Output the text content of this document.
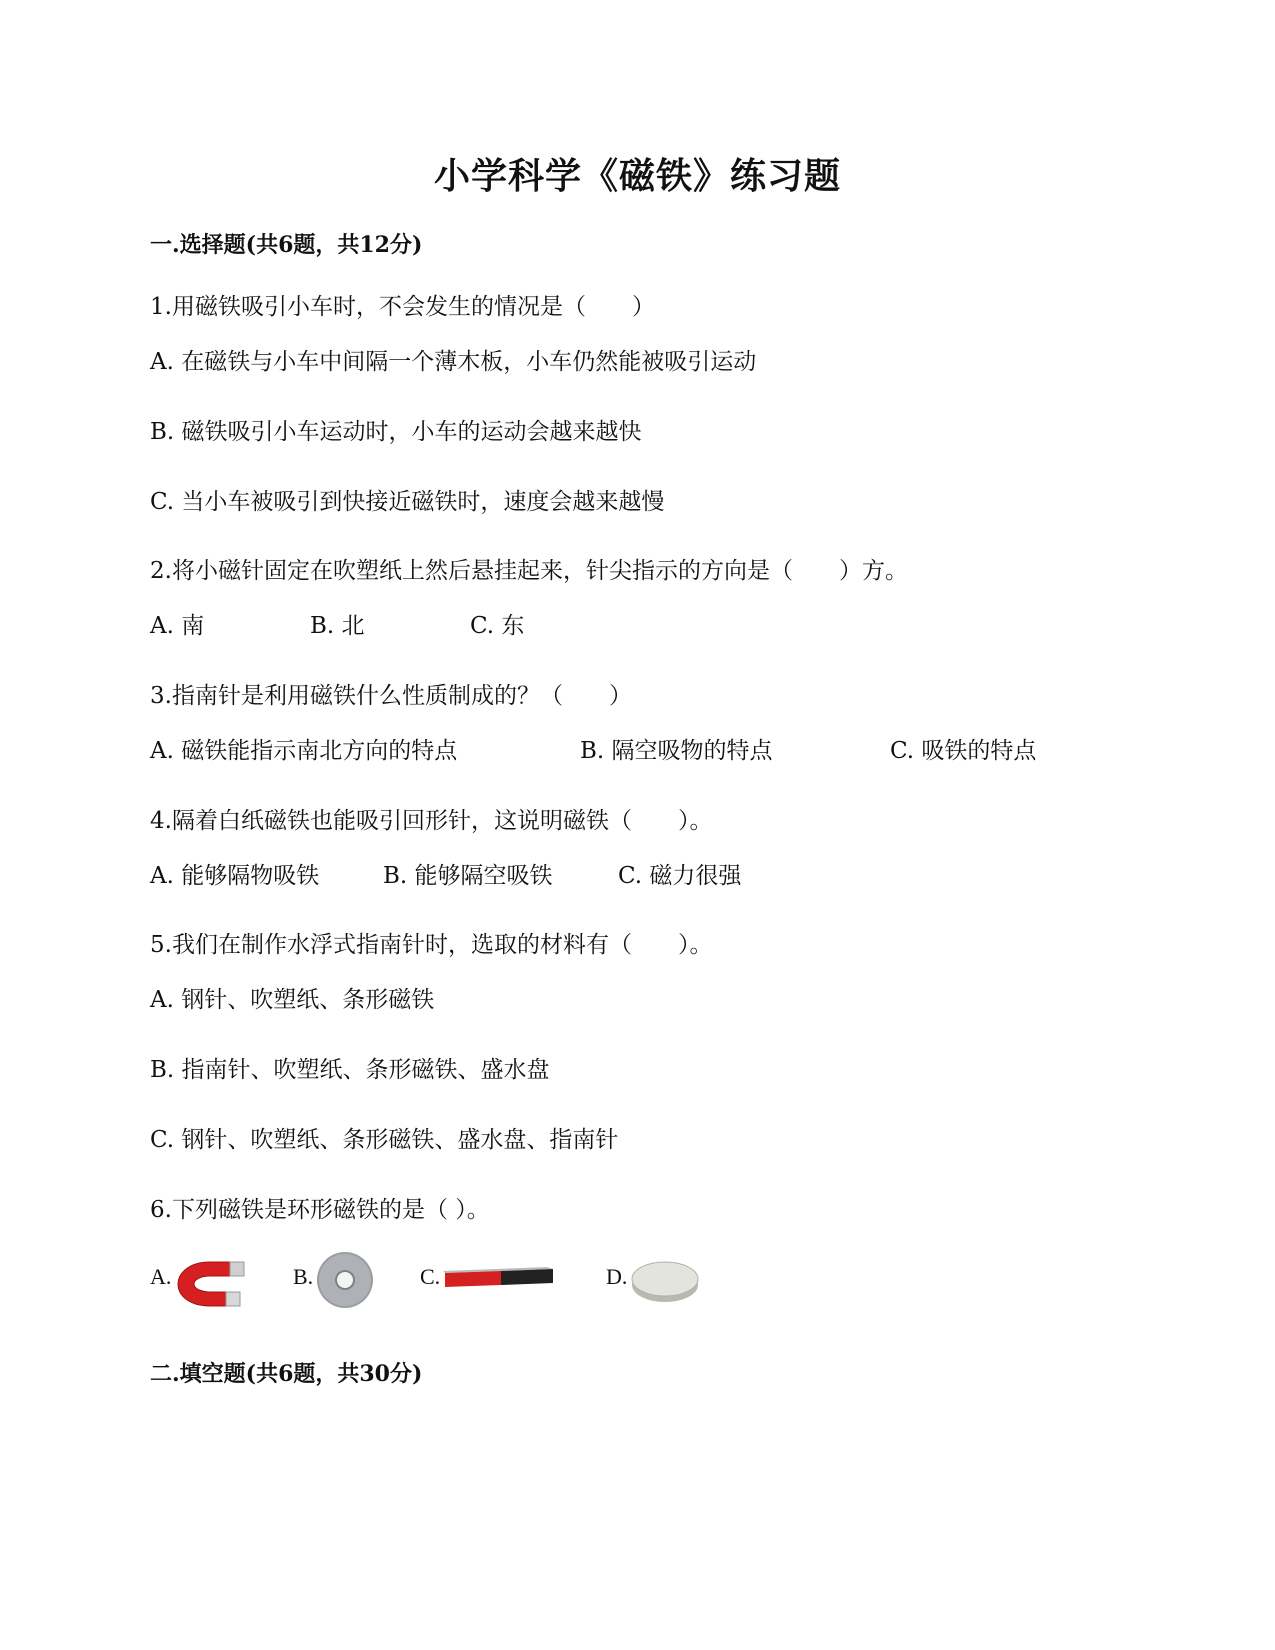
小学科学《磁铁》练习题
一.选择题(共6题，共12分)
1.用磁铁吸引小车时，不会发生的情况是（　　）
A. 在磁铁与小车中间隔一个薄木板，小车仍然能被吸引运动
B. 磁铁吸引小车运动时，小车的运动会越来越快
C. 当小车被吸引到快接近磁铁时，速度会越来越慢
2.将小磁针固定在吹塑纸上然后悬挂起来，针尖指示的方向是（　　）方。
A. 南	B. 北	C. 东
3.指南针是利用磁铁什么性质制成的？（　　）
A. 磁铁能指示南北方向的特点	B. 隔空吸物的特点	C. 吸铁的特点
4.隔着白纸磁铁也能吸引回形针，这说明磁铁（　　）。
A. 能够隔物吸铁	B. 能够隔空吸铁	C. 磁力很强
5.我们在制作水浮式指南针时，选取的材料有（　　）。
A. 钢针、吹塑纸、条形磁铁
B. 指南针、吹塑纸、条形磁铁、盛水盘
C. 钢针、吹塑纸、条形磁铁、盛水盘、指南针
6.下列磁铁是环形磁铁的是（ ）。
A.	B.	C.	D.
二.填空题(共6题，共30分)
